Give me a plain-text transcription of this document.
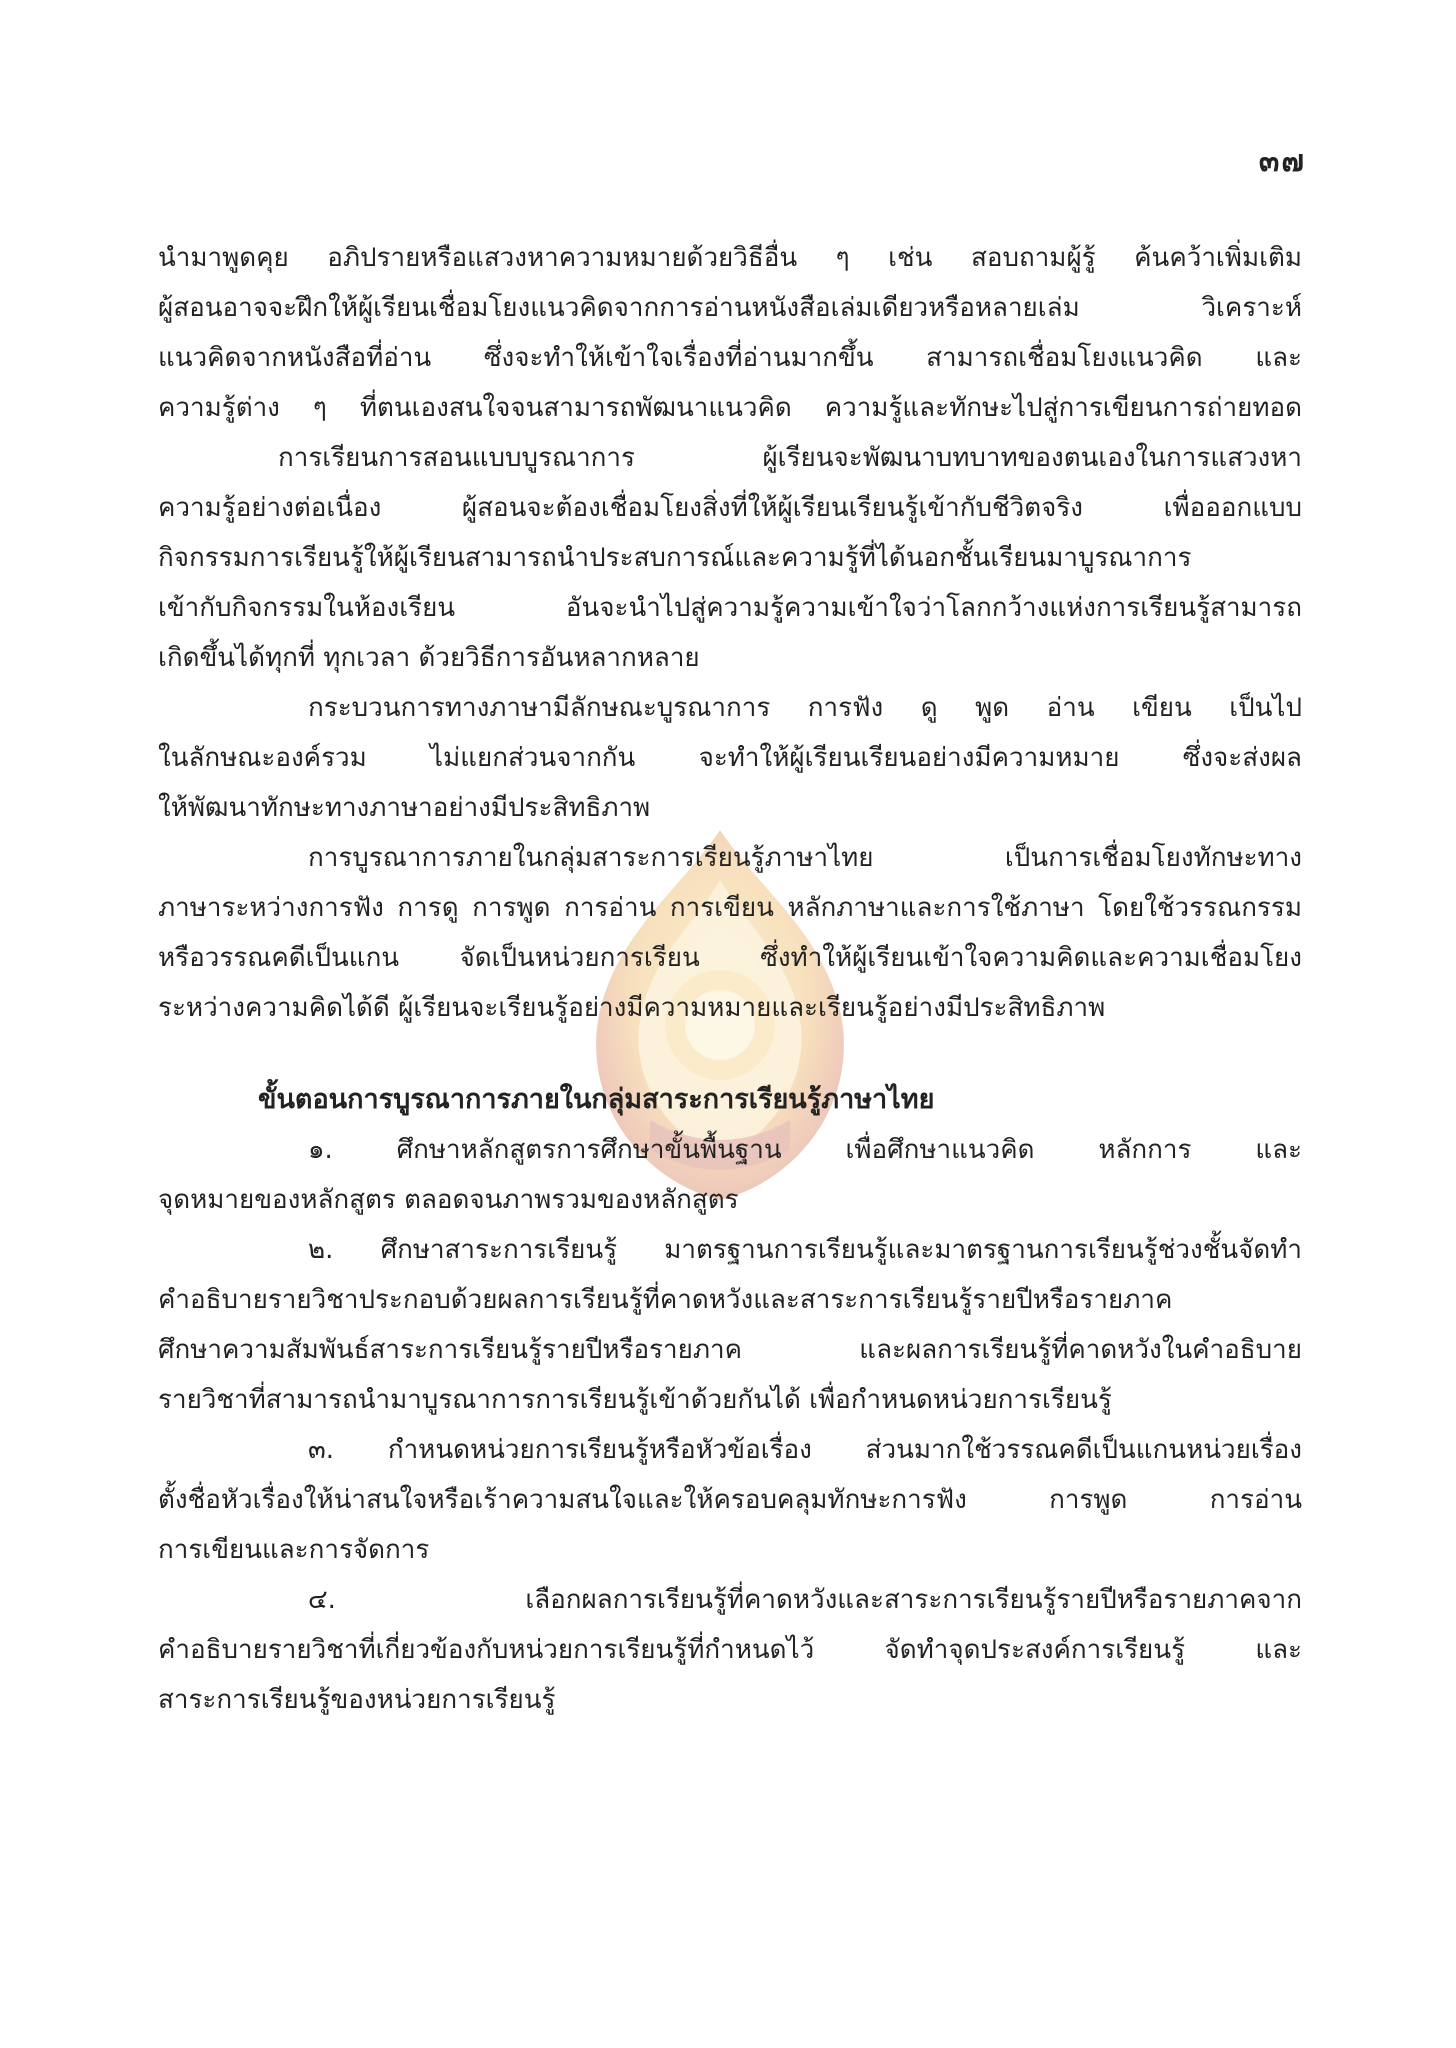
๓๗

นำมาพูดคุย อภิปรายหรือแสวงหาความหมายด้วยวิธีอื่น ๆ เช่น สอบถามผู้รู้ ค้นคว้าเพิ่มเติม

ผู้สอนอาจจะฝึกให้ผู้เรียนเชื่อมโยงแนวคิดจากการอ่านหนังสือเล่มเดียวหรือหลายเล่ม วิเคราะห์

แนวคิดจากหนังสือที่อ่าน ซึ่งจะทำให้เข้าใจเรื่องที่อ่านมากขึ้น สามารถเชื่อมโยงแนวคิด และ

ความรู้ต่าง ๆ ที่ตนเองสนใจจนสามารถพัฒนาแนวคิด ความรู้และทักษะไปสู่การเขียนการถ่ายทอด

การเรียนการสอนแบบบูรณาการ ผู้เรียนจะพัฒนาบทบาทของตนเองในการแสวงหา

ความรู้อย่างต่อเนื่อง ผู้สอนจะต้องเชื่อมโยงสิ่งที่ให้ผู้เรียนเรียนรู้เข้ากับชีวิตจริง เพื่อออกแบบ

กิจกรรมการเรียนรู้ให้ผู้เรียนสามารถนำประสบการณ์และความรู้ที่ได้นอกชั้นเรียนมาบูรณาการ

เข้ากับกิจกรรมในห้องเรียน อันจะนำไปสู่ความรู้ความเข้าใจว่าโลกกว้างแห่งการเรียนรู้สามารถ

เกิดขึ้นได้ทุกที่ ทุกเวลา ด้วยวิธีการอันหลากหลาย

กระบวนการทางภาษามีลักษณะบูรณาการ การฟัง ดู พูด อ่าน เขียน เป็นไป

ในลักษณะองค์รวม ไม่แยกส่วนจากกัน จะทำให้ผู้เรียนเรียนอย่างมีความหมาย ซึ่งจะส่งผล

ให้พัฒนาทักษะทางภาษาอย่างมีประสิทธิภาพ

การบูรณาการภายในกลุ่มสาระการเรียนรู้ภาษาไทย เป็นการเชื่อมโยงทักษะทาง

ภาษาระหว่างการฟัง การดู การพูด การอ่าน การเขียน หลักภาษาและการใช้ภาษา โดยใช้วรรณกรรม

หรือวรรณคดีเป็นแกน จัดเป็นหน่วยการเรียน ซึ่งทำให้ผู้เรียนเข้าใจความคิดและความเชื่อมโยง

ระหว่างความคิดได้ดี ผู้เรียนจะเรียนรู้อย่างมีความหมายและเรียนรู้อย่างมีประสิทธิภาพ

ขั้นตอนการบูรณาการภายในกลุ่มสาระการเรียนรู้ภาษาไทย

๑. ศึกษาหลักสูตรการศึกษาขั้นพื้นฐาน เพื่อศึกษาแนวคิด หลักการ และ

จุดหมายของหลักสูตร ตลอดจนภาพรวมของหลักสูตร

๒. ศึกษาสาระการเรียนรู้ มาตรฐานการเรียนรู้และมาตรฐานการเรียนรู้ช่วงชั้นจัดทำ

คำอธิบายรายวิชาประกอบด้วยผลการเรียนรู้ที่คาดหวังและสาระการเรียนรู้รายปีหรือรายภาค

ศึกษาความสัมพันธ์สาระการเรียนรู้รายปีหรือรายภาค และผลการเรียนรู้ที่คาดหวังในคำอธิบาย

รายวิชาที่สามารถนำมาบูรณาการการเรียนรู้เข้าด้วยกันได้ เพื่อกำหนดหน่วยการเรียนรู้

๓. กำหนดหน่วยการเรียนรู้หรือหัวข้อเรื่อง ส่วนมากใช้วรรณคดีเป็นแกนหน่วยเรื่อง

ตั้งชื่อหัวเรื่องให้น่าสนใจหรือเร้าความสนใจและให้ครอบคลุมทักษะการฟัง การพูด การอ่าน

การเขียนและการจัดการ

๔. เลือกผลการเรียนรู้ที่คาดหวังและสาระการเรียนรู้รายปีหรือรายภาคจาก

คำอธิบายรายวิชาที่เกี่ยวข้องกับหน่วยการเรียนรู้ที่กำหนดไว้ จัดทำจุดประสงค์การเรียนรู้ และ

สาระการเรียนรู้ของหน่วยการเรียนรู้
